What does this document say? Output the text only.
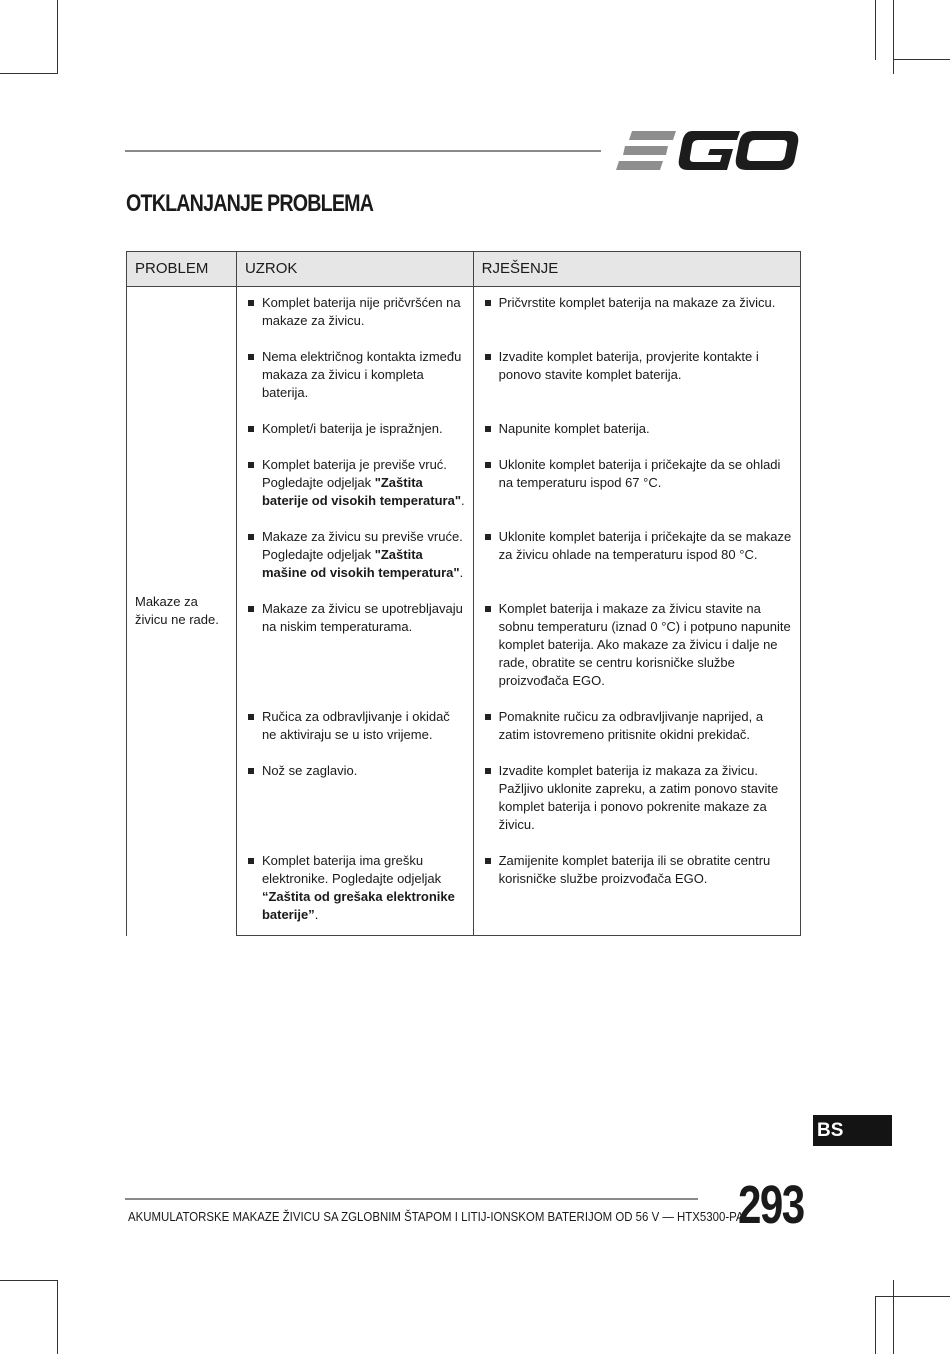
OTKLANJANJE PROBLEMA
PROBLEM	UZROK	RJEŠENJE
Makaze za živicu ne rade.	Komplet baterija nije pričvršćen na makaze za živicu.	Pričvrstite komplet baterija na makaze za živicu.

	Nema električnog kontakta između makaza za živicu i kompleta baterija.	Izvadite komplet baterija, provjerite kontakte i ponovo stavite komplet baterija.

	Komplet/i baterija je ispražnjen.	Napunite komplet baterija.

	Komplet baterija je previše vruć. Pogledajte odjeljak "Zaštita baterije od visokih temperatura".	Uklonite komplet baterija i pričekajte da se ohladi na temperaturu ispod 67 °C.

	Makaze za živicu su previše vruće. Pogledajte odjeljak "Zaštita mašine od visokih temperatura".	Uklonite komplet baterija i pričekajte da se makaze za živicu ohlade na temperaturu ispod 80 °C.

	Makaze za živicu se upotrebljavaju na niskim temperaturama.	Komplet baterija i makaze za živicu stavite na sobnu temperaturu (iznad 0 °C) i potpuno napunite komplet baterija. Ako makaze za živicu i dalje ne rade, obratite se centru korisničke službe proizvođača EGO.

	Ručica za odbravljivanje i okidač ne aktiviraju se u isto vrijeme.	Pomaknite ručicu za odbravljivanje naprijed, a zatim istovremeno pritisnite okidni prekidač.

	Nož se zaglavio.	Izvadite komplet baterija iz makaza za živicu. Pažljivo uklonite zapreku, a zatim ponovo stavite komplet baterija i ponovo pokrenite makaze za živicu.

	Komplet baterija ima grešku elektronike. Pogledajte odjeljak “Zaštita od grešaka elektronike baterije”.	Zamijenite komplet baterija ili se obratite centru korisničke službe proizvođača EGO.
BS
AKUMULATORSKE MAKAZE ŽIVICU SA ZGLOBNIM ŠTAPOM I LITIJ-IONSKOM BATERIJOM OD 56 V — HTX5300-PA
293
